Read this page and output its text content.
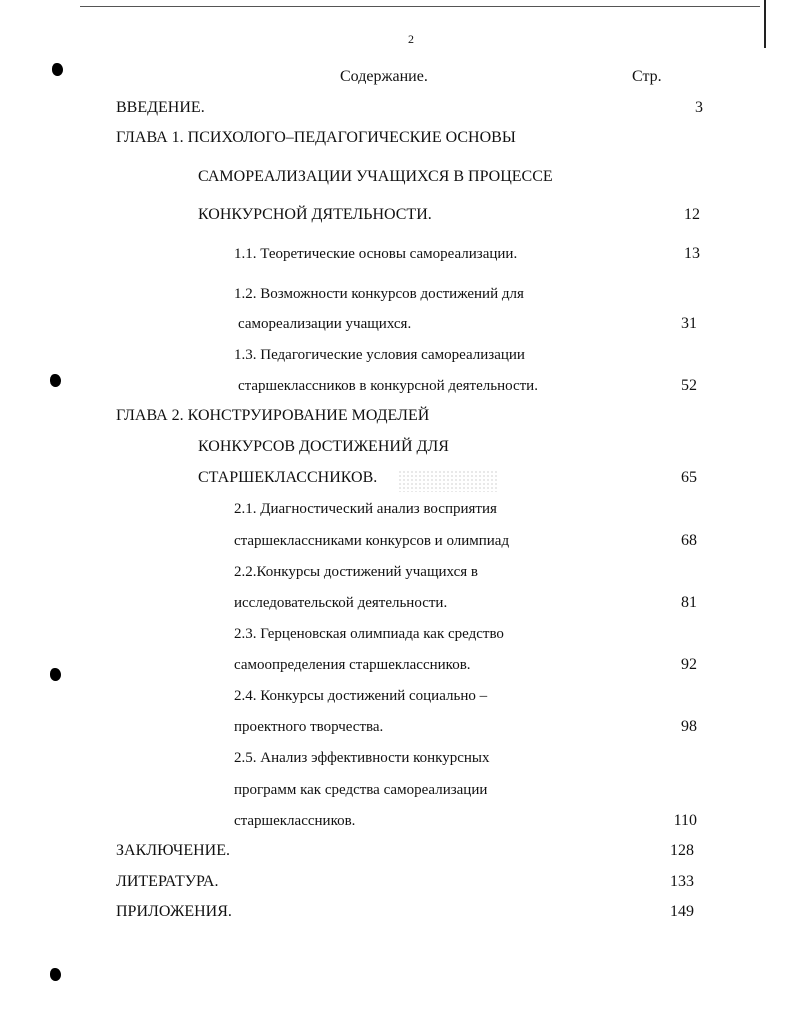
2
Содержание.	Стр.
ВВЕДЕНИЕ.	3
ГЛАВА 1. ПСИХОЛОГО–ПЕДАГОГИЧЕСКИЕ ОСНОВЫ
САМОРЕАЛИЗАЦИИ УЧАЩИХСЯ В ПРОЦЕССЕ
КОНКУРСНОЙ ДЯТЕЛЬНОСТИ.	12
1.1. Теоретические основы самореализации.	13
1.2. Возможности конкурсов достижений для
самореализации учащихся.	31
1.3. Педагогические условия самореализации
старшеклассников в конкурсной деятельности.	52
ГЛАВА 2. КОНСТРУИРОВАНИЕ МОДЕЛЕЙ
КОНКУРСОВ ДОСТИЖЕНИЙ ДЛЯ
СТАРШЕКЛАССНИКОВ.	65
2.1. Диагностический анализ восприятия
старшеклассниками конкурсов и олимпиад	68
2.2.Конкурсы достижений учащихся в
исследовательской деятельности.	81
2.3. Герценовская олимпиада как средство
самоопределения старшеклассников.	92
2.4. Конкурсы достижений социально –
проектного творчества.	98
2.5. Анализ эффективности конкурсных
программ как средства самореализации
старшеклассников.	110
ЗАКЛЮЧЕНИЕ.	128
ЛИТЕРАТУРА.	133
ПРИЛОЖЕНИЯ.	149
